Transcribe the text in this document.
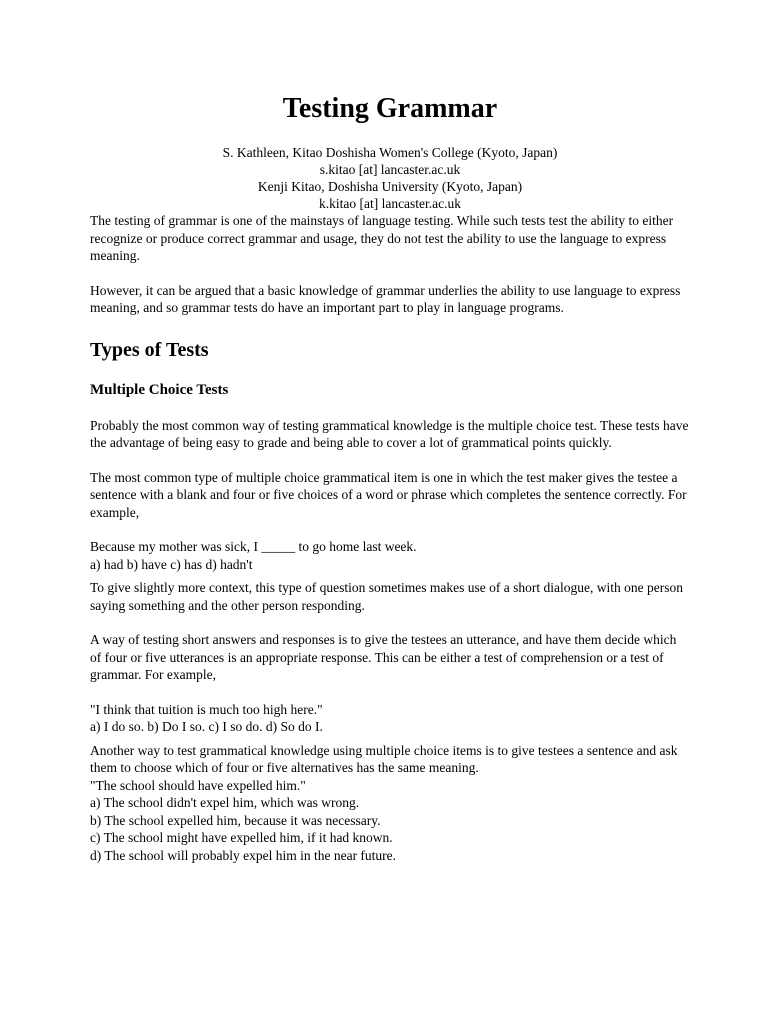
Testing Grammar
S. Kathleen, Kitao Doshisha Women's College (Kyoto, Japan)
s.kitao [at] lancaster.ac.uk
Kenji Kitao, Doshisha University (Kyoto, Japan)
k.kitao [at] lancaster.ac.uk

The testing of grammar is one of the mainstays of language testing. While such tests test the ability to either recognize or produce correct grammar and usage, they do not test the ability to use the language to express meaning.

However, it can be argued that a basic knowledge of grammar underlies the ability to use language to express meaning, and so grammar tests do have an important part to play in language programs.

Types of Tests
Multiple Choice Tests

Probably the most common way of testing grammatical knowledge is the multiple choice test. These tests have the advantage of being easy to grade and being able to cover a lot of grammatical points quickly.

The most common type of multiple choice grammatical item is one in which the test maker gives the testee a sentence with a blank and four or five choices of a word or phrase which completes the sentence correctly. For example,

Because my mother was sick, I _____ to go home last week.

a) had b) have c) has d) hadn't

To give slightly more context, this type of question sometimes makes use of a short dialogue, with one person saying something and the other person responding.

A way of testing short answers and responses is to give the testees an utterance, and have them decide which of four or five utterances is an appropriate response. This can be either a test of comprehension or a test of grammar. For example,

"I think that tuition is much too high here."

a) I do so. b) Do I so. c) I so do. d) So do I.

Another way to test grammatical knowledge using multiple choice items is to give testees a sentence and ask them to choose which of four or five alternatives has the same meaning.

"The school should have expelled him."

a) The school didn't expel him, which was wrong.

b) The school expelled him, because it was necessary.

c) The school might have expelled him, if it had known.

d) The school will probably expel him in the near future.
